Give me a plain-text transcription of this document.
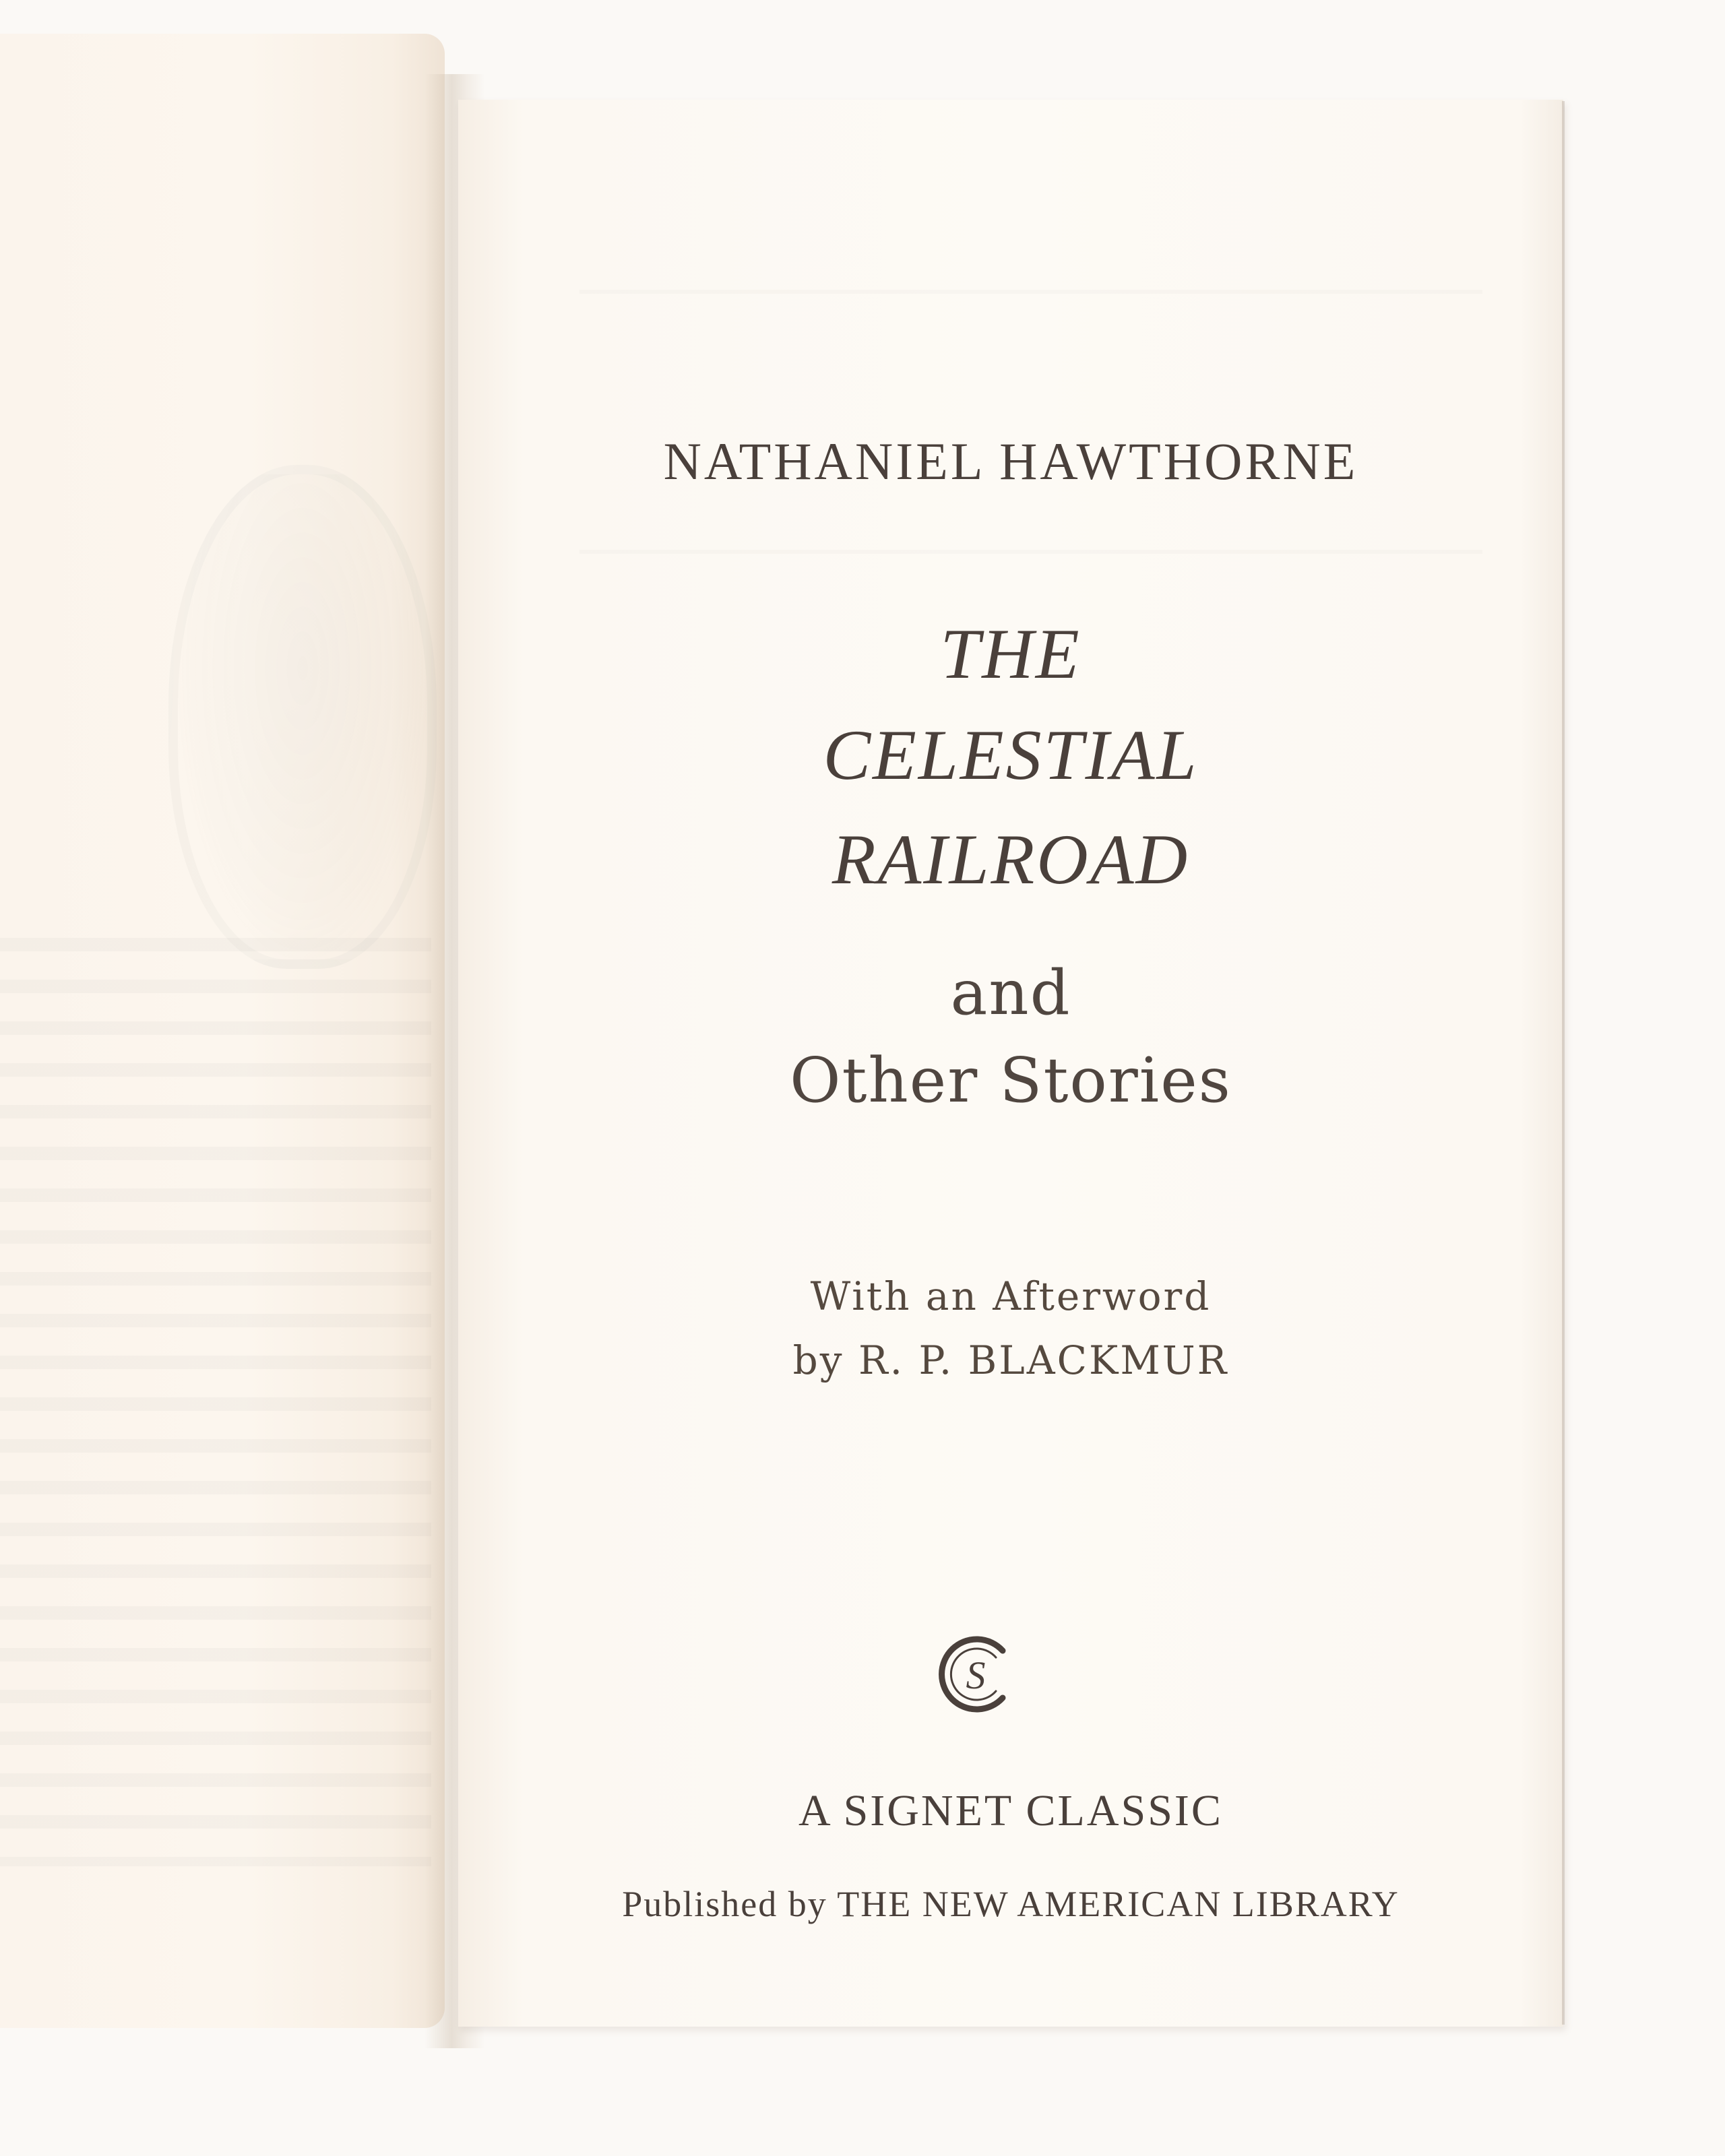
NATHANIEL HAWTHORNE

THE

CELESTIAL

RAILROAD

and

Other Stories

With an Afterword

by R. P. BLACKMUR

S

A SIGNET CLASSIC

Published by THE NEW AMERICAN LIBRARY
